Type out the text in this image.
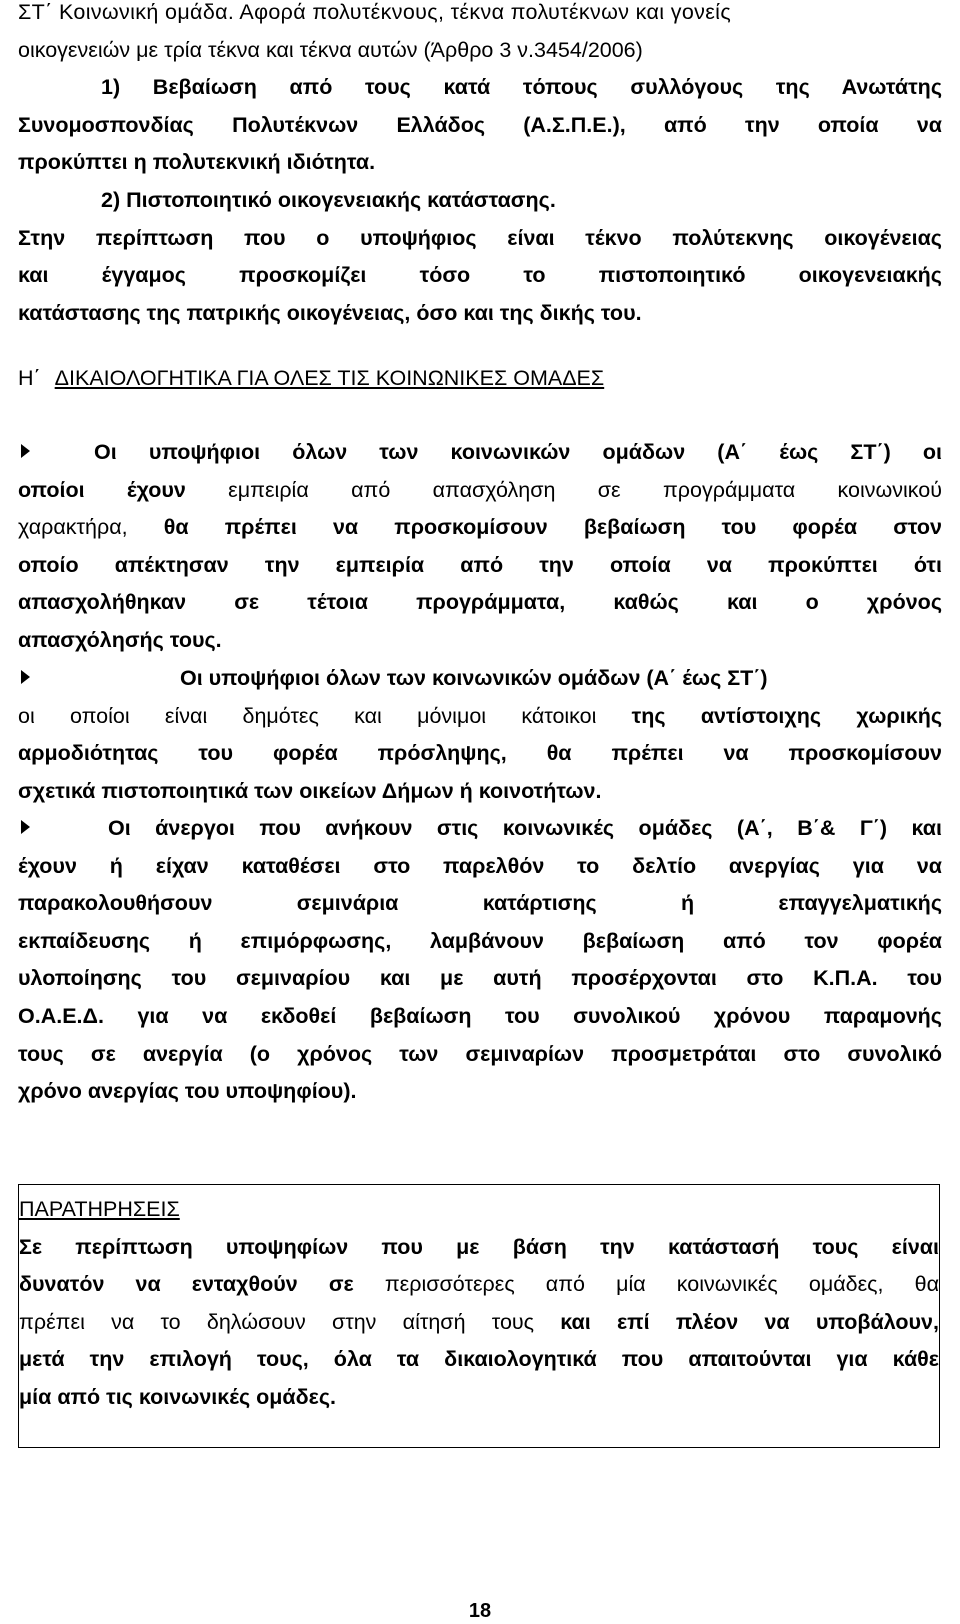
ΣΤ΄ Κοινωνική ομάδα. Αφορά πολυτέκνους, τέκνα πολυτέκνων και γονείς

οικογενειών με τρία τέκνα και τέκνα αυτών (Άρθρο 3 ν.3454/2006)

1) Βεβαίωση από τους κατά τόπους συλλόγους της Ανωτάτης

Συνομοσπονδίας Πολυτέκνων Ελλάδος (Α.Σ.Π.Ε.), από την οποία να

προκύπτει η πολυτεκνική ιδιότητα.

2) Πιστοποιητικό οικογενειακής κατάστασης.

Στην περίπτωση που ο υποψήφιος είναι τέκνο πολύτεκνης οικογένειας

και έγγαμος προσκομίζει τόσο το πιστοποιητικό οικογενειακής

κατάστασης της πατρικής οικογένειας, όσο και της δικής του.

Η΄ ΔΙΚΑΙΟΛΟΓΗΤΙΚΑ ΓΙΑ ΟΛΕΣ ΤΙΣ ΚΟΙΝΩΝΙΚΕΣ ΟΜΑΔΕΣ

Οι υποψήφιοι όλων των κοινωνικών ομάδων (Α΄ έως ΣΤ΄) οι

οποίοι έχουν εμπειρία από απασχόληση σε προγράμματα κοινωνικού

χαρακτήρα, θα πρέπει να προσκομίσουν βεβαίωση του φορέα στον

οποίο απέκτησαν την εμπειρία από την οποία να προκύπτει ότι

απασχολήθηκαν σε τέτοια προγράμματα, καθώς και ο χρόνος

απασχόλησής τους.

Οι υποψήφιοι όλων των κοινωνικών ομάδων (Α΄ έως ΣΤ΄)

οι οποίοι είναι δημότες και μόνιμοι κάτοικοι της αντίστοιχης χωρικής

αρμοδιότητας του φορέα πρόσληψης, θα πρέπει να προσκομίσουν

σχετικά πιστοποιητικά των οικείων Δήμων ή κοινοτήτων.

Οι άνεργοι που ανήκουν στις κοινωνικές ομάδες (Α΄, Β΄& Γ΄) και

έχουν ή είχαν καταθέσει στο παρελθόν το δελτίο ανεργίας για να

παρακολουθήσουν σεμινάρια κατάρτισης ή επαγγελματικής

εκπαίδευσης ή επιμόρφωσης, λαμβάνουν βεβαίωση από τον φορέα

υλοποίησης του σεμιναρίου και με αυτή προσέρχονται στο Κ.Π.Α. του

Ο.Α.Ε.Δ. για να εκδοθεί βεβαίωση του συνολικού χρόνου παραμονής

τους σε ανεργία (ο χρόνος των σεμιναρίων προσμετράται στο συνολικό

χρόνο ανεργίας του υποψηφίου).

ΠΑΡΑΤΗΡΗΣΕΙΣ

Σε περίπτωση υποψηφίων που με βάση την κατάστασή τους είναι

δυνατόν να ενταχθούν σε περισσότερες από μία κοινωνικές ομάδες, θα

πρέπει να το δηλώσουν στην αίτησή τους και επί πλέον να υποβάλουν,

μετά την επιλογή τους, όλα τα δικαιολογητικά που απαιτούνται για κάθε

μία από τις κοινωνικές ομάδες.

18
